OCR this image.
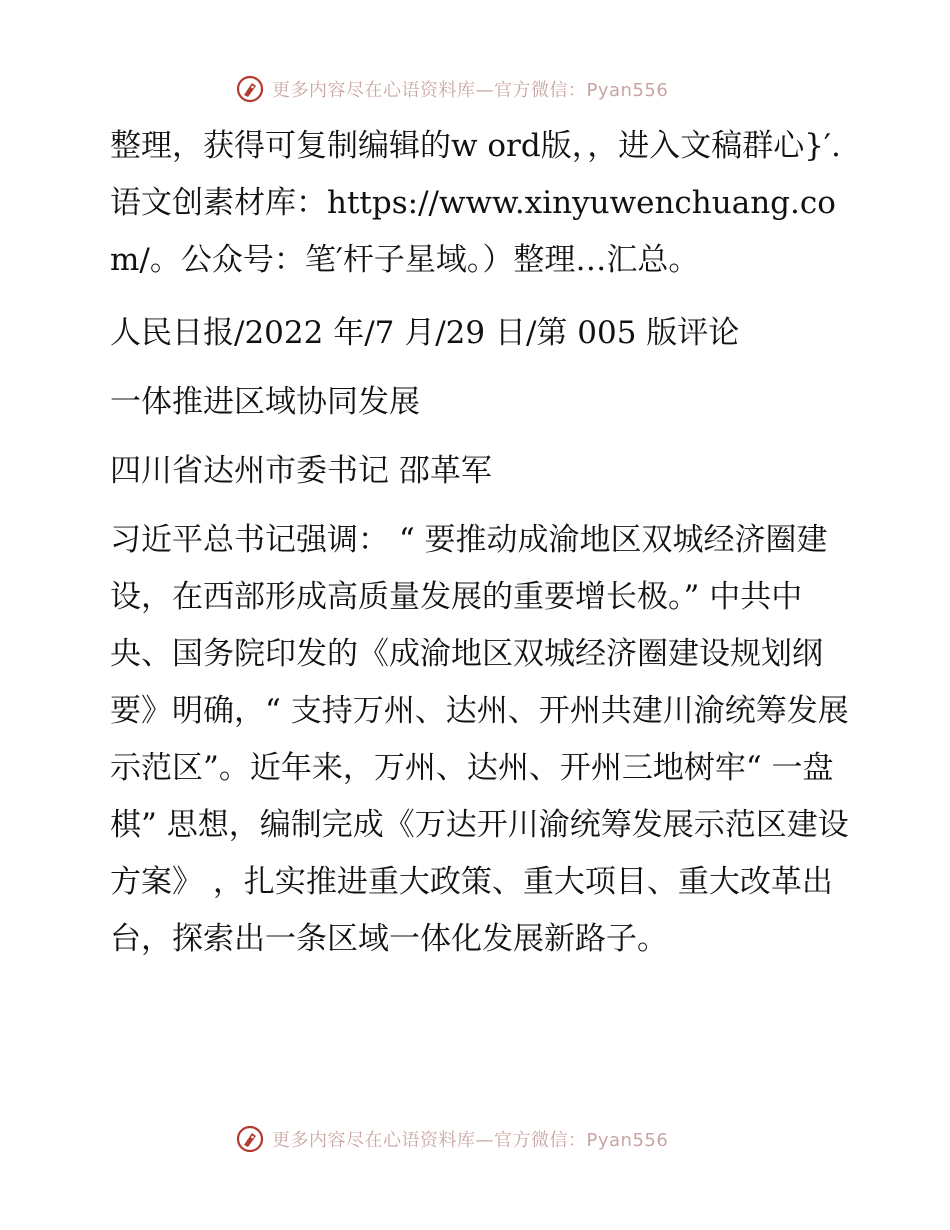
更多内容尽在心语资料库—官方微信：Pyan556

整理，获得可复制编辑的w ord版，，进入文稿群心}′.语文创素材库：https://www.xinyuwenchuang.com/。公众号：笔′杆子星域。）整理…汇总。

人民日报/2022 年/7 月/29 日/第 005 版评论

一体推进区域协同发展

四川省达州市委书记 邵革军

习近平总书记强调： “ 要推动成渝地区双城经济圈建设，在西部形成高质量发展的重要增长极。” 中共中央、国务院印发的《成渝地区双城经济圈建设规划纲要》明确，“ 支持万州、达州、开州共建川渝统筹发展示范区”。近年来，万州、达州、开州三地树牢“ 一盘棋” 思想，编制完成《万达开川渝统筹发展示范区建设方案》 ，扎实推进重大政策、重大项目、重大改革出台，探索出一条区域一体化发展新路子。

更多内容尽在心语资料库—官方微信：Pyan556
